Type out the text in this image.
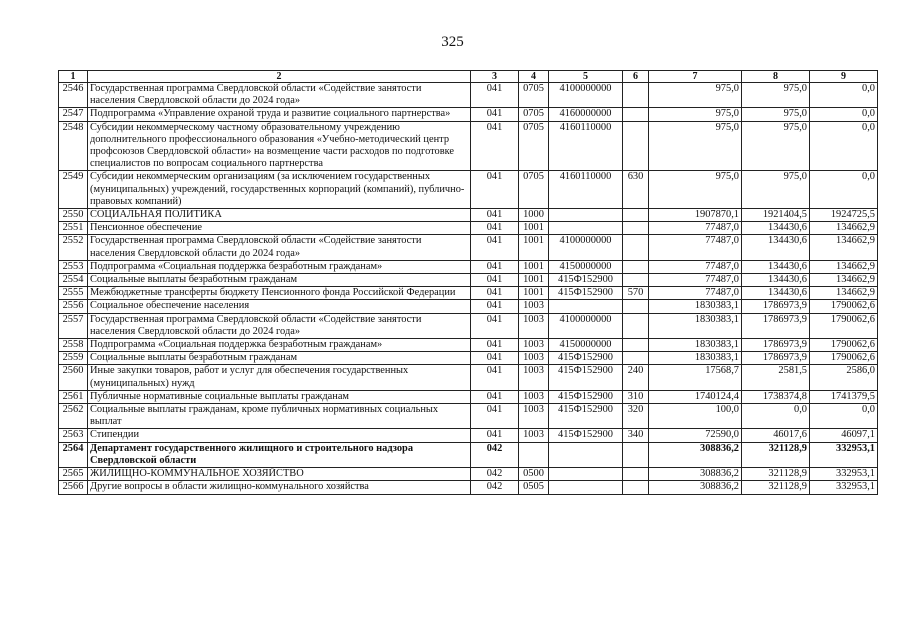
325
1	2	3	4	5	6	7	8	9
2546	Государственная программа Свердловской области «Содействие занятости населения Свердловской области до 2024 года»	041	0705	4100000000		975,0	975,0	0,0
2547	Подпрограмма «Управление охраной труда и развитие социального партнерства»	041	0705	4160000000		975,0	975,0	0,0
2548	Субсидии некоммерческому частному образовательному учреждению дополнительного профессионального образования «Учебно-методический центр профсоюзов Свердловской области» на возмещение части расходов по подготовке специалистов по вопросам социального партнерства	041	0705	4160110000		975,0	975,0	0,0
2549	Субсидии некоммерческим организациям (за исключением государственных (муниципальных) учреждений, государственных корпораций (компаний), публично-правовых компаний)	041	0705	4160110000	630	975,0	975,0	0,0
2550	СОЦИАЛЬНАЯ ПОЛИТИКА	041	1000			1907870,1	1921404,5	1924725,5
2551	Пенсионное обеспечение	041	1001			77487,0	134430,6	134662,9
2552	Государственная программа Свердловской области «Содействие занятости населения Свердловской области до 2024 года»	041	1001	4100000000		77487,0	134430,6	134662,9
2553	Подпрограмма «Социальная поддержка безработным гражданам»	041	1001	4150000000		77487,0	134430,6	134662,9
2554	Социальные выплаты безработным гражданам	041	1001	415Ф152900		77487,0	134430,6	134662,9
2555	Межбюджетные трансферты бюджету Пенсионного фонда Российской Федерации	041	1001	415Ф152900	570	77487,0	134430,6	134662,9
2556	Социальное обеспечение населения	041	1003			1830383,1	1786973,9	1790062,6
2557	Государственная программа Свердловской области «Содействие занятости населения Свердловской области до 2024 года»	041	1003	4100000000		1830383,1	1786973,9	1790062,6
2558	Подпрограмма «Социальная поддержка безработным гражданам»	041	1003	4150000000		1830383,1	1786973,9	1790062,6
2559	Социальные выплаты безработным гражданам	041	1003	415Ф152900		1830383,1	1786973,9	1790062,6
2560	Иные закупки товаров, работ и услуг для обеспечения государственных (муниципальных) нужд	041	1003	415Ф152900	240	17568,7	2581,5	2586,0
2561	Публичные нормативные социальные выплаты гражданам	041	1003	415Ф152900	310	1740124,4	1738374,8	1741379,5
2562	Социальные выплаты гражданам, кроме публичных нормативных социальных выплат	041	1003	415Ф152900	320	100,0	0,0	0,0
2563	Стипендии	041	1003	415Ф152900	340	72590,0	46017,6	46097,1
2564	Департамент государственного жилищного и строительного надзора Свердловской области	042				308836,2	321128,9	332953,1
2565	ЖИЛИЩНО-КОММУНАЛЬНОЕ ХОЗЯЙСТВО	042	0500			308836,2	321128,9	332953,1
2566	Другие вопросы в области жилищно-коммунального хозяйства	042	0505			308836,2	321128,9	332953,1
